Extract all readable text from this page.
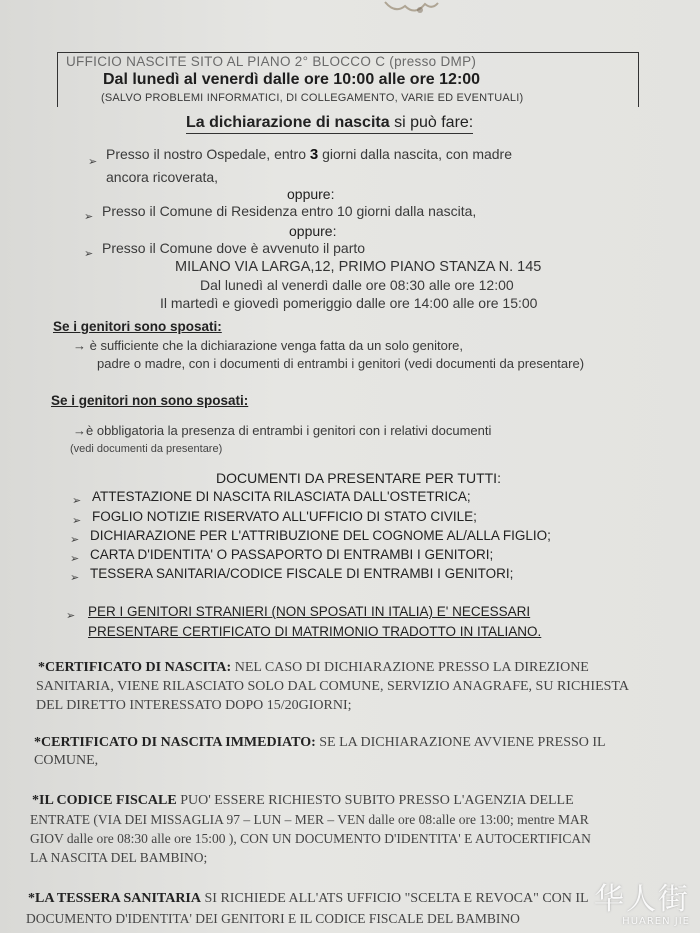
UFFICIO NASCITE SITO AL PIANO 2° BLOCCO C (presso DMP)
Dal lunedì al venerdì dalle ore 10:00 alle ore 12:00
(SALVO PROBLEMI INFORMATICI, DI COLLEGAMENTO, VARIE ED EVENTUALI)
La dichiarazione di nascita si può fare:
➢ Presso il nostro Ospedale, entro 3 giorni dalla nascita, con madre
ancora ricoverata,
oppure:
➢ Presso il Comune di Residenza entro 10 giorni dalla nascita,
oppure:
➢ Presso il Comune dove è avvenuto il parto
MILANO VIA LARGA,12, PRIMO PIANO STANZA N. 145
Dal lunedì al venerdì dalle ore 08:30 alle ore 12:00
Il martedì e giovedì pomeriggio dalle ore 14:00 alle ore 15:00
Se i genitori sono sposati:
→ è sufficiente che la dichiarazione venga fatta da un solo genitore,
padre o madre, con i documenti di entrambi i genitori (vedi documenti da presentare)
Se i genitori non sono sposati:
→è obbligatoria la presenza di entrambi i genitori con i relativi documenti
(vedi documenti da presentare)
DOCUMENTI DA PRESENTARE PER TUTTI:
➢ ATTESTAZIONE DI NASCITA RILASCIATA DALL'OSTETRICA;
➢ FOGLIO NOTIZIE RISERVATO ALL'UFFICIO DI STATO CIVILE;
➢ DICHIARAZIONE PER L'ATTRIBUZIONE DEL COGNOME AL/ALLA FIGLIO;
➢ CARTA D'IDENTITA' O PASSAPORTO DI ENTRAMBI I GENITORI;
➢ TESSERA SANITARIA/CODICE FISCALE DI ENTRAMBI I GENITORI;
➢ PER I GENITORI STRANIERI (NON SPOSATI IN ITALIA) E' NECESSARI
PRESENTARE CERTIFICATO DI MATRIMONIO TRADOTTO IN ITALIANO.
*CERTIFICATO DI NASCITA: NEL CASO DI DICHIARAZIONE PRESSO LA DIREZIONE
SANITARIA, VIENE RILASCIATO SOLO DAL COMUNE, SERVIZIO ANAGRAFE, SU RICHIESTA
DEL DIRETTO INTERESSATO DOPO 15/20GIORNI;
*CERTIFICATO DI NASCITA IMMEDIATO: SE LA DICHIARAZIONE AVVIENE PRESSO IL
COMUNE,
*IL CODICE FISCALE PUO' ESSERE RICHIESTO SUBITO PRESSO L'AGENZIA DELLE
ENTRATE (VIA DEI MISSAGLIA 97 – LUN – MER – VEN dalle ore 08:alle ore 13:00; mentre MAR
GIOV dalle ore 08:30 alle ore 15:00 ), CON UN DOCUMENTO D'IDENTITA' E AUTOCERTIFICAN
LA NASCITA DEL BAMBINO;
*LA TESSERA SANITARIA SI RICHIEDE ALL'ATS UFFICIO "SCELTA E REVOCA" CON IL
DOCUMENTO D'IDENTITA' DEI GENITORI E IL CODICE FISCALE DEL BAMBINO
华人街
HUAREN JIE
